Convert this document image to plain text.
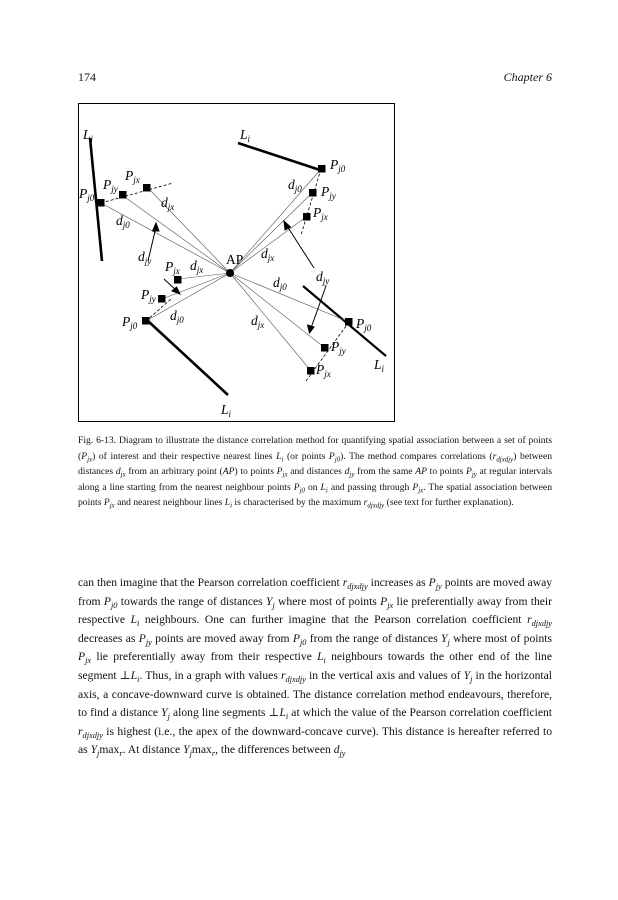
174	Chapter 6
$L_i$	$L_i$
$L_i$
$L_i$
AP
$P_{j0}$
$P_{jy}$
$P_{jx}$
$d_{jx}$
$d_{j0}$
$d_{jy}$ $P_{jx}$ $d_{jx}$
$P_{jy}$
$P_{j0}$
$d_{j0}$	$d_{jx}$
$P_{j0}$
$d_{j0}$ $P_{jy}$
$P_{jx}$
$d_{jx}$
$d_{j0}$
$d_{jy}$
$P_{j0}$
$P_{jy}$
$P_{jx}$

Fig. 6-13. Diagram to illustrate the distance correlation method for quantifying spatial association between a set of points $(P_{jx})$ of interest and their respective nearest lines $L_i$ (or points $P_{j0}$). The method compares correlations $(r_{djxdjy})$ between distances $d_{jx}$ from an arbitrary point (AP) to points $P_{jx}$ and distances $d_{jy}$ from the same AP to points $P_{jy}$ at regular intervals along a line starting from the nearest neighbour points $P_{j0}$ on $L_i$ and passing through $P_{jx}$. The spatial association between points $P_{jx}$ and nearest neighbour lines $L_i$ is characterised by the maximum $r_{djxdjy}$ (see text for further explanation).

can then imagine that the Pearson correlation coefficient $r_{djxdjy}$ increases as $P_{jy}$ points are moved away from $P_{j0}$ towards the range of distances $Y_j$ where most of points $P_{jx}$ lie preferentially away from their respective $L_i$ neighbours. One can further imagine that the Pearson correlation coefficient $r_{djxdjy}$ decreases as $P_{jy}$ points are moved away from $P_{j0}$ from the range of distances $Y_j$ where most of points $P_{jx}$ lie preferentially away from their respective $L_i$ neighbours towards the other end of the line segment $\perp L_i$. Thus, in a graph with values $r_{djxdjy}$ in the vertical axis and values of $Y_j$ in the horizontal axis, a concave-downward curve is obtained. The distance correlation method endeavours, therefore, to find a distance $Y_j$ along line segments $\perp L_i$ at which the value of the Pearson correlation coefficient $r_{djxdjy}$ is highest (i.e., the apex of the downward-concave curve). This distance is hereafter referred to as $Y_j\max_r$. At distance $Y_j\max_r$, the differences between $d_{jy}$
